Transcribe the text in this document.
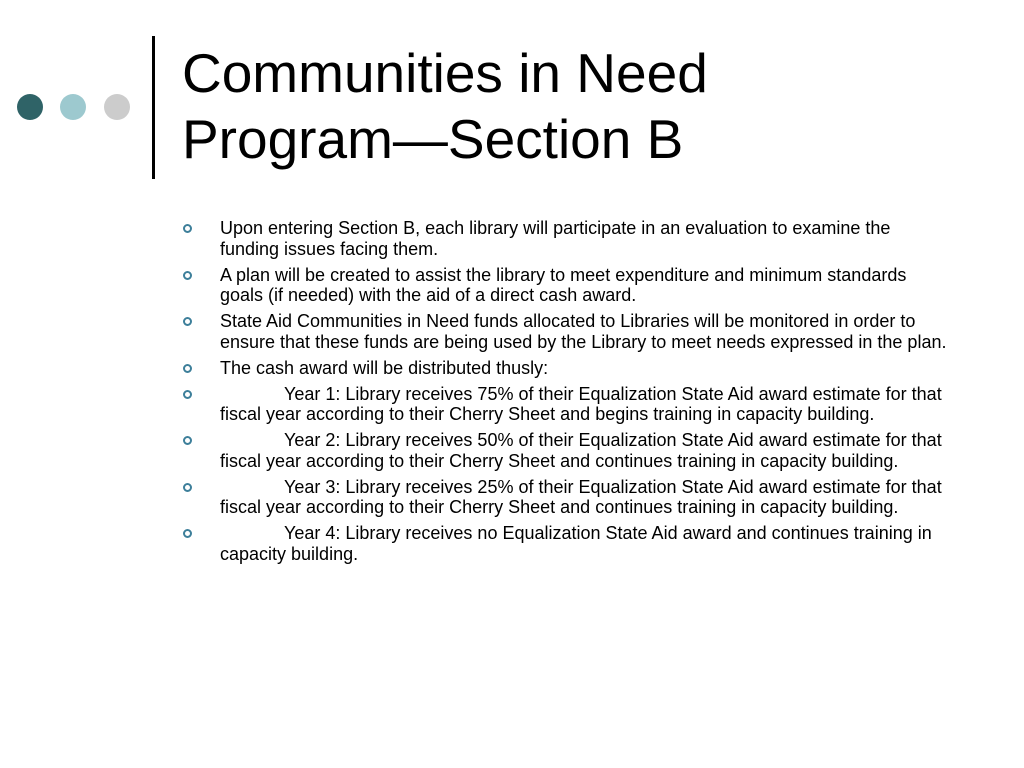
Communities in Need
Program—Section B
Upon entering Section B, each library will participate in an evaluation to examine the funding issues facing them.
A plan will be created to assist the library to meet expenditure and minimum standards goals (if needed) with the aid of a direct cash award.
State Aid Communities in Need funds allocated to Libraries will be monitored in order to ensure that these funds are being used by the Library to meet needs expressed in the plan.
The cash award will be distributed thusly:
Year 1: Library receives 75% of their Equalization State Aid award estimate for that fiscal year according to their Cherry Sheet and begins training in capacity building.
Year 2: Library receives 50% of their Equalization State Aid award estimate for that fiscal year according to their Cherry Sheet and continues training in capacity building.
Year 3: Library receives 25% of their Equalization State Aid award estimate for that fiscal year according to their Cherry Sheet and continues training in capacity building.
Year 4: Library receives no Equalization State Aid award and continues training in capacity building.
